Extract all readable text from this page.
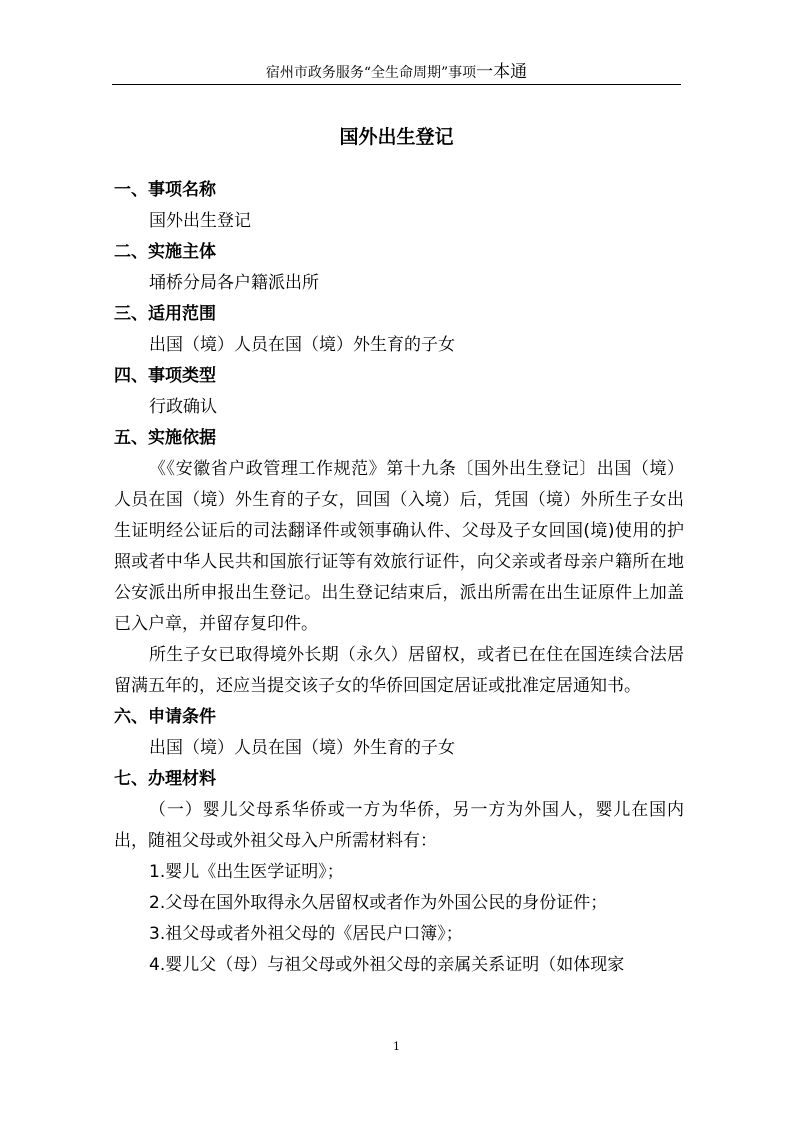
宿州市政务服务“全生命周期”事项一本通
国外出生登记
一、事项名称
国外出生登记
二、实施主体
埇桥分局各户籍派出所
三、适用范围
出国（境）人员在国（境）外生育的子女
四、事项类型
行政确认
五、实施依据
《《安徽省户政管理工作规范》第十九条〔国外出生登记〕出国（境）人员在国（境）外生育的子女，回国（入境）后，凭国（境）外所生子女出生证明经公证后的司法翻译件或领事确认件、父母及子女回国(境)使用的护照或者中华人民共和国旅行证等有效旅行证件，向父亲或者母亲户籍所在地公安派出所申报出生登记。出生登记结束后，派出所需在出生证原件上加盖已入户章，并留存复印件。
所生子女已取得境外长期（永久）居留权，或者已在住在国连续合法居留满五年的，还应当提交该子女的华侨回国定居证或批准定居通知书。
六、申请条件
出国（境）人员在国（境）外生育的子女
七、办理材料
（一）婴儿父母系华侨或一方为华侨，另一方为外国人，婴儿在国内出，随祖父母或外祖父母入户所需材料有：
1.婴儿《出生医学证明》；
2.父母在国外取得永久居留权或者作为外国公民的身份证件；
3.祖父母或者外祖父母的《居民户口簿》；
4.婴儿父（母）与祖父母或外祖父母的亲属关系证明（如体现家
1
